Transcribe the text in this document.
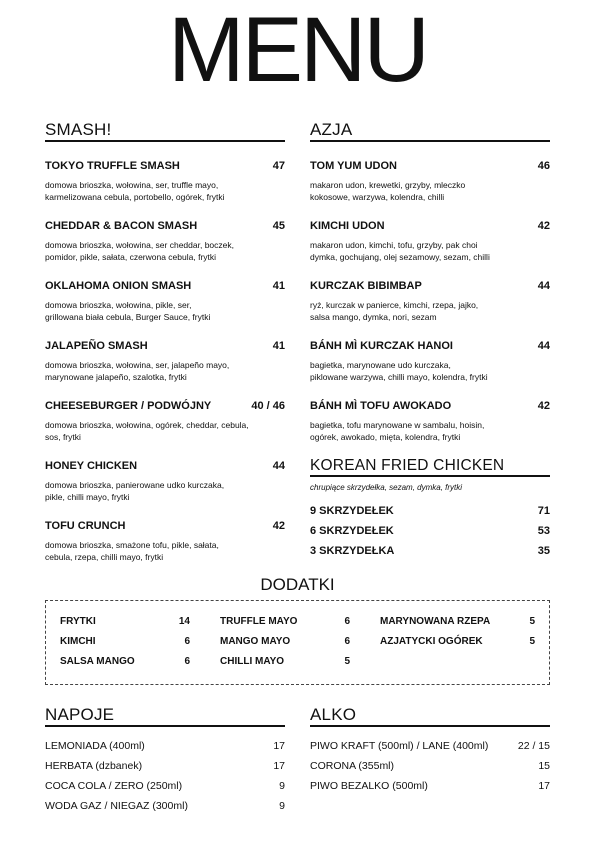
MENU
SMASH!
TOKYO TRUFFLE SMASH	47
domowa brioszka, wołowina, ser, truffle mayo,
karmelizowana cebula, portobello, ogórek, frytki
CHEDDAR & BACON SMASH	45
domowa brioszka, wołowina, ser cheddar, boczek,
pomidor, pikle, sałata, czerwona cebula, frytki
OKLAHOMA ONION SMASH	41
domowa brioszka, wołowina, pikle, ser,
grillowana biała cebula, Burger Sauce, frytki
JALAPEÑO SMASH	41
domowa brioszka, wołowina, ser, jalapeño mayo,
marynowane jalapeño, szalotka, frytki
CHEESEBURGER / PODWÓJNY	40 / 46
domowa brioszka, wołowina, ogórek, cheddar, cebula,
sos, frytki
HONEY CHICKEN	44
domowa brioszka, panierowane udko kurczaka,
pikle, chilli mayo, frytki
TOFU CRUNCH	42
domowa brioszka, smażone tofu, pikle, sałata,
cebula, rzepa, chilli mayo, frytki
AZJA
TOM YUM UDON	46
makaron udon, krewetki, grzyby, mleczko
kokosowe, warzywa, kolendra, chilli
KIMCHI UDON	42
makaron udon, kimchi, tofu, grzyby, pak choi
dymka, gochujang, olej sezamowy, sezam, chilli
KURCZAK BIBIMBAP	44
ryż, kurczak w panierce, kimchi, rzepa, jajko,
salsa mango, dymka, nori, sezam
BÁNH MÌ KURCZAK HANOI	44
bagietka, marynowane udo kurczaka,
piklowane warzywa, chilli mayo, kolendra, frytki
BÁNH MÌ TOFU AWOKADO	42
bagietka, tofu marynowane w sambalu, hoisin,
ogórek, awokado, mięta, kolendra, frytki
KOREAN FRIED CHICKEN
chrupiące skrzydełka, sezam, dymka, frytki
9 SKRZYDEŁEK	71
6 SKRZYDEŁEK	53
3 SKRZYDEŁKA	35
DODATKI
FRYTKI	14
KIMCHI	6
SALSA MANGO	6
TRUFFLE MAYO	6
MANGO MAYO	6
CHILLI MAYO	5
MARYNOWANA RZEPA	5
AZJATYCKI OGÓREK	5
NAPOJE
LEMONIADA (400ml)	17
HERBATA (dzbanek)	17
COCA COLA / ZERO (250ml)	9
WODA GAZ / NIEGAZ (300ml)	9
ALKO
PIWO KRAFT (500ml) / LANE (400ml)	22 / 15
CORONA (355ml)	15
PIWO BEZALKO (500ml)	17
